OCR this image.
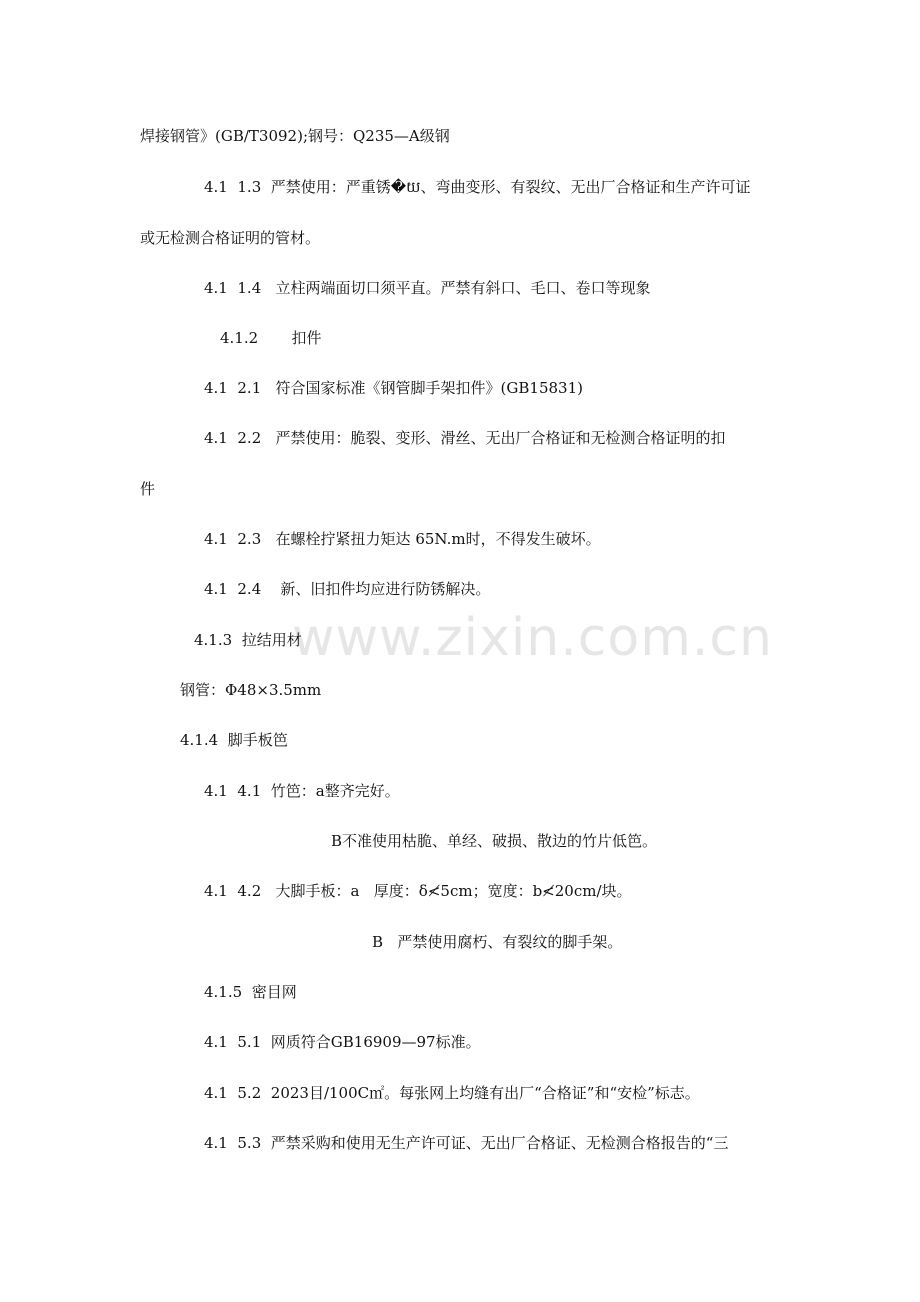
www.zixin.com.cn
焊接钢管》(GB/T3092);钢号：Q235—A级钢
4.1  1.3  严禁使用：严重锈�យ、弯曲变形、有裂纹、无出厂合格证和生产许可证
或无检测合格证明的管材。
4.1  1.4   立柱两端面切口须平直。严禁有斜口、毛口、卷口等现象
4.1.2       扣件
4.1  2.1   符合国家标准《钢管脚手架扣件》(GB15831)
4.1  2.2   严禁使用：脆裂、变形、滑丝、无出厂合格证和无检测合格证明的扣
件
4.1  2.3   在螺栓拧紧扭力矩达 65N.m时，不得发生破坏。
4.1  2.4    新、旧扣件均应进行防锈解决。
4.1.3  拉结用材
钢管：Φ48×3.5mm
4.1.4  脚手板笆
4.1  4.1  竹笆：a整齐完好。
B不准使用枯脆、单经、破损、散边的竹片低笆。
4.1  4.2   大脚手板：a   厚度：δ≮5cm；宽度：b≮20cm/块。
B   严禁使用腐朽、有裂纹的脚手架。
4.1.5  密目网
4.1  5.1  网质符合GB16909—97标准。
4.1  5.2  2023目/100C㎡。每张网上均缝有出厂“合格证”和“安检”标志。
4.1  5.3  严禁采购和使用无生产许可证、无出厂合格证、无检测合格报告的“三
